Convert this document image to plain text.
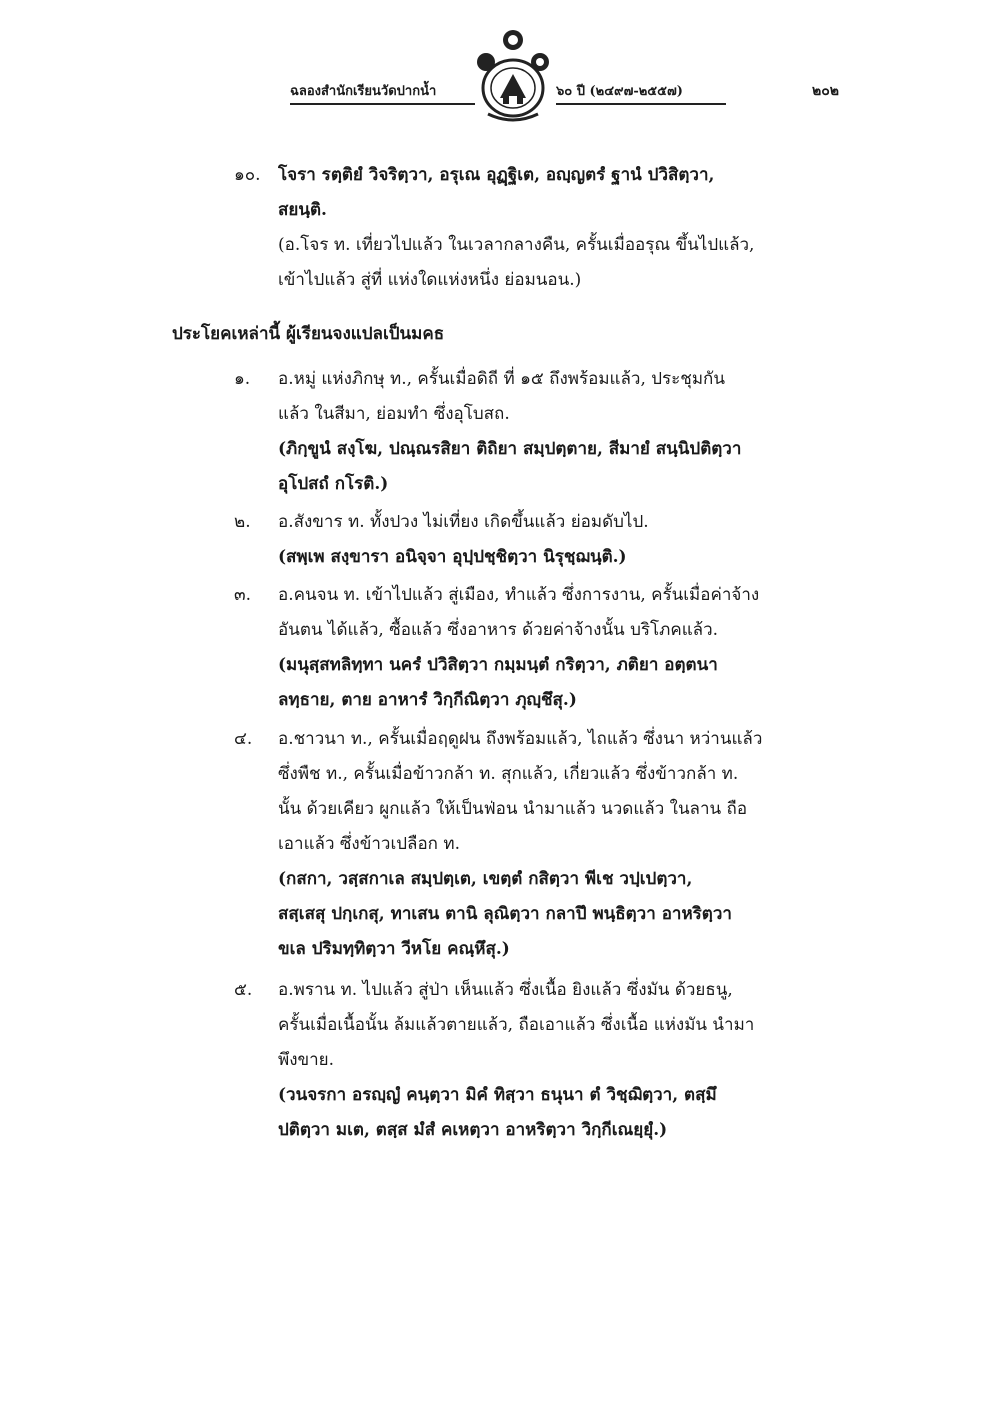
ฉลองสำนักเรียนวัดปากน้ำ	๖๐ ปี (๒๔๙๗-๒๕๕๗)	๒๐๒
๑๐. โจรา รตฺติยํ วิจริตฺวา, อรุเณ อุฏฺฐิเต, อญฺญตรํ ฐานํ ปวิสิตฺวา,
สยนฺติ.
(อ.โจร ท. เที่ยวไปแล้ว ในเวลากลางคืน, ครั้นเมื่ออรุณ ขึ้นไปแล้ว,
เข้าไปแล้ว สู่ที่ แห่งใดแห่งหนึ่ง ย่อมนอน.)
ประโยคเหล่านี้ ผู้เรียนจงแปลเป็นมคธ
๑. อ.หมู่ แห่งภิกษุ ท., ครั้นเมื่อดิถี ที่ ๑๕ ถึงพร้อมแล้ว, ประชุมกัน
แล้ว ในสีมา, ย่อมทำ ซึ่งอุโบสถ.
(ภิกฺขูนํ สงฺโฆ, ปณฺณรสิยา ติถิยา สมฺปตฺตาย, สีมายํ สนฺนิปติตฺวา
อุโปสถํ กโรติ.)
๒. อ.สังขาร ท. ทั้งปวง ไม่เที่ยง เกิดขึ้นแล้ว ย่อมดับไป.
(สพฺเพ สงฺขารา อนิจฺจา อุปฺปชฺชิตฺวา นิรุชฺฌนฺติ.)
๓. อ.คนจน ท. เข้าไปแล้ว สู่เมือง, ทำแล้ว ซึ่งการงาน, ครั้นเมื่อค่าจ้าง
อันตน ได้แล้ว, ซื้อแล้ว ซึ่งอาหาร ด้วยค่าจ้างนั้น บริโภคแล้ว.
(มนุสฺสทลิทฺทา นครํ ปวิสิตฺวา กมฺมนฺตํ กริตฺวา, ภติยา อตฺตนา
ลทฺธาย, ตาย อาหารํ วิกฺกีณิตฺวา ภุญฺชึสุ.)
๔. อ.ชาวนา ท., ครั้นเมื่อฤดูฝน ถึงพร้อมแล้ว, ไถแล้ว ซึ่งนา หว่านแล้ว
ซึ่งพืช ท., ครั้นเมื่อข้าวกล้า ท. สุกแล้ว, เกี่ยวแล้ว ซึ่งข้าวกล้า ท.
นั้น ด้วยเคียว ผูกแล้ว ให้เป็นฟ่อน นำมาแล้ว นวดแล้ว ในลาน ถือ
เอาแล้ว ซึ่งข้าวเปลือก ท.
(กสกา, วสฺสกาเล สมฺปตฺเต, เขตฺตํ กสิตฺวา พีเช วปฺเปตฺวา,
สสฺเสสุ ปกฺเกสุ, ทาเสน ตานิ ลุณิตฺวา กลาปึ พนฺธิตฺวา อาหริตฺวา
ขเล ปริมทฺทิตฺวา วีหโย คณฺหึสุ.)
๕. อ.พราน ท. ไปแล้ว สู่ป่า เห็นแล้ว ซึ่งเนื้อ ยิงแล้ว ซึ่งมัน ด้วยธนู,
ครั้นเมื่อเนื้อนั้น ล้มแล้วตายแล้ว, ถือเอาแล้ว ซึ่งเนื้อ แห่งมัน นำมา
พึงขาย.
(วนจรกา อรญฺญํ คนฺตฺวา มิคํ ทิสฺวา ธนุนา ตํ วิชฺฌิตฺวา, ตสฺมึ
ปติตฺวา มเต, ตสฺส มํสํ คเหตฺวา อาหริตฺวา วิกฺกีเณยฺยุํ.)
